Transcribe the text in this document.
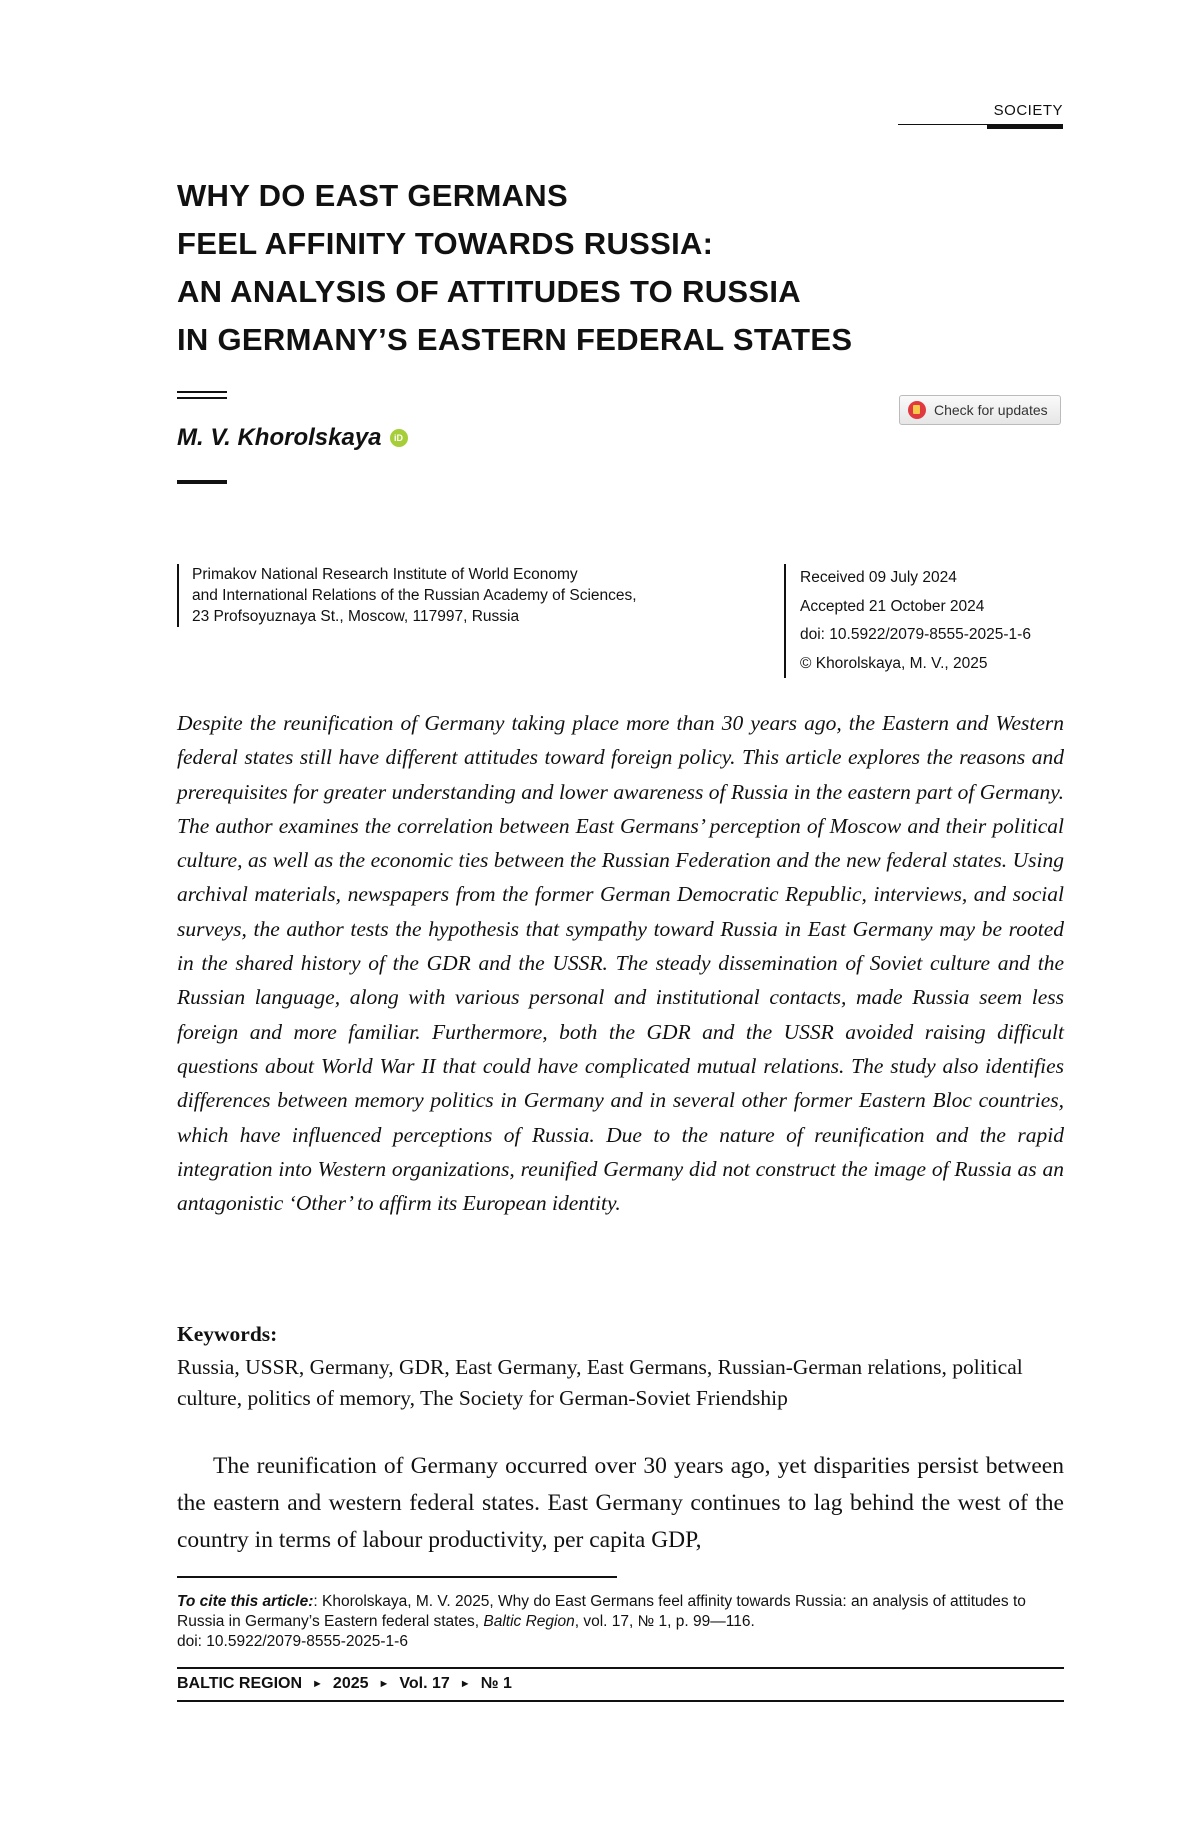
SOCIETY
WHY DO EAST GERMANS
FEEL AFFINITY TOWARDS RUSSIA:
AN ANALYSIS OF ATTITUDES TO RUSSIA
IN GERMANY’S EASTERN FEDERAL STATES
M. V. Khorolskaya	iD
Check for updates
Primakov National Research Institute of World Economy
and International Relations of the Russian Academy of Sciences,
23 Profsoyuznaya St., Moscow, 117997, Russia
Received 09 July 2024
Accepted 21 October 2024
doi: 10.5922/2079-8555-2025-1-6
© Khorolskaya, M. V., 2025

Despite the reunification of Germany taking place more than 30 years ago, the Eastern and Western federal states still have different attitudes toward foreign policy. This article explores the reasons and prerequisites for greater understanding and lower awareness of Russia in the eastern part of Germany. The author examines the correlation between East Germans’ perception of Moscow and their political culture, as well as the economic ties between the Russian Federation and the new federal states. Using archival materials, newspapers from the former German Democratic Republic, interviews, and social surveys, the author tests the hypothesis that sympathy toward Russia in East Germany may be rooted in the shared history of the GDR and the USSR. The steady dissemination of Soviet culture and the Russian language, along with various personal and institutional contacts, made Russia seem less foreign and more familiar. Furthermore, both the GDR and the USSR avoided raising difficult questions about World War II that could have complicated mutual relations. The study also identifies differences between memory politics in Germany and in several other former Eastern Bloc countries, which have influenced perceptions of Russia. Due to the nature of reunification and the rapid integration into Western organizations, reunified Germany did not construct the image of Russia as an antagonistic ‘Other’ to affirm its European identity.

Keywords:

Russia, USSR, Germany, GDR, East Germany, East Germans, Russian-German relations, political culture, politics of memory, The Society for German-Soviet Friendship

The reunification of Germany occurred over 30 years ago, yet disparities persist between the eastern and western federal states. East Germany continues to lag behind the west of the country in terms of labour productivity, per capita GDP,

To cite this article:: Khorolskaya, M. V. 2025, Why do East Germans feel affinity towards Russia: an analysis of attitudes to Russia in Germany’s Eastern federal states, Baltic Region, vol. 17, № 1, p. 99—116.
doi: 10.5922/2079-8555-2025-1-6

BALTIC REGION ► 2025 ► Vol. 17 ► № 1
